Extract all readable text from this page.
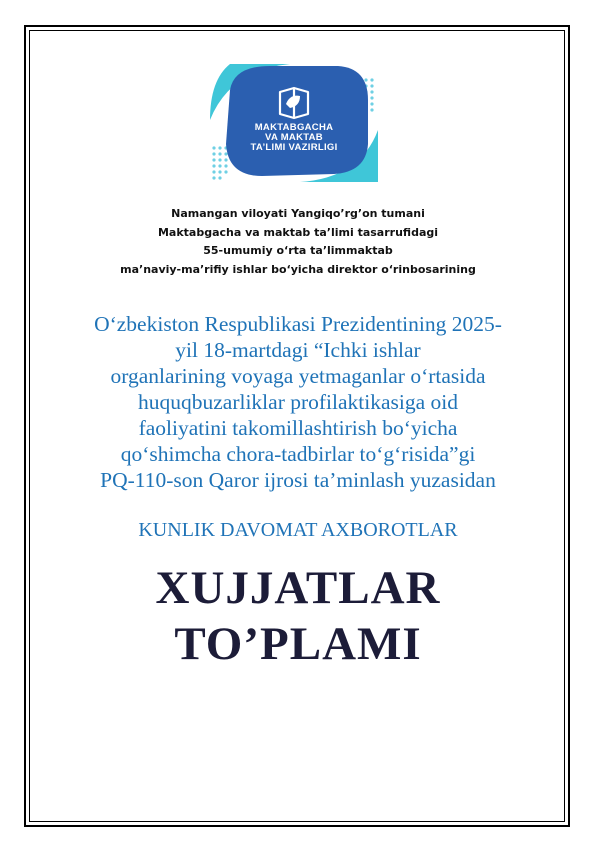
MAKTABGACHA
VA MAKTAB
TA’LIMI VAZIRLIGI
Namangan viloyati Yangiqo’rg’on tumani
Maktabgacha va maktab ta’limi tasarrufidagi
55-umumiy o‘rta ta’limmaktab
ma’naviy-ma’rifiy ishlar bo‘yicha direktor o‘rinbosarining
O‘zbekiston Respublikasi Prezidentining 2025-
yil 18-martdagi “Ichki ishlar
organlarining voyaga yetmaganlar o‘rtasida
huquqbuzarliklar profilaktikasiga oid
faoliyatini takomillashtirish bo‘yicha
qo‘shimcha chora-tadbirlar to‘g‘risida”gi
PQ-110-son Qaror ijrosi ta’minlash yuzasidan
KUNLIK DAVOMAT AXBOROTLAR
XUJJATLAR
TO’PLAMI
